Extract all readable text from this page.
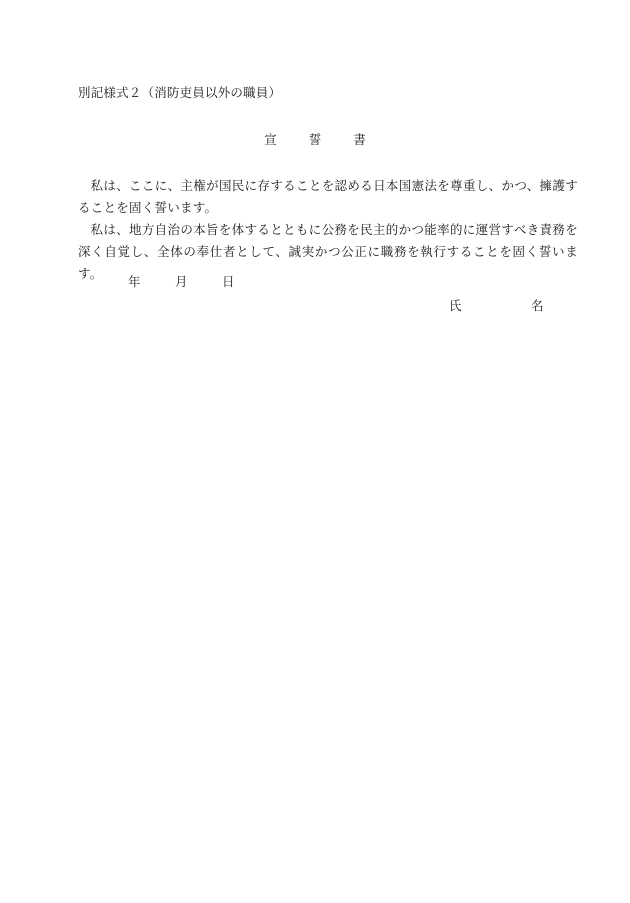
別記様式２（消防吏員以外の職員）
宣 誓 書
私は、ここに、主権が国民に存することを認める日本国憲法を尊重し、かつ、擁護することを固く誓います。
私は、地方自治の本旨を体するとともに公務を民主的かつ能率的に運営すべき責務を深く自覚し、全体の奉仕者として、誠実かつ公正に職務を執行することを固く誓います。
年	月	日
氏	名
